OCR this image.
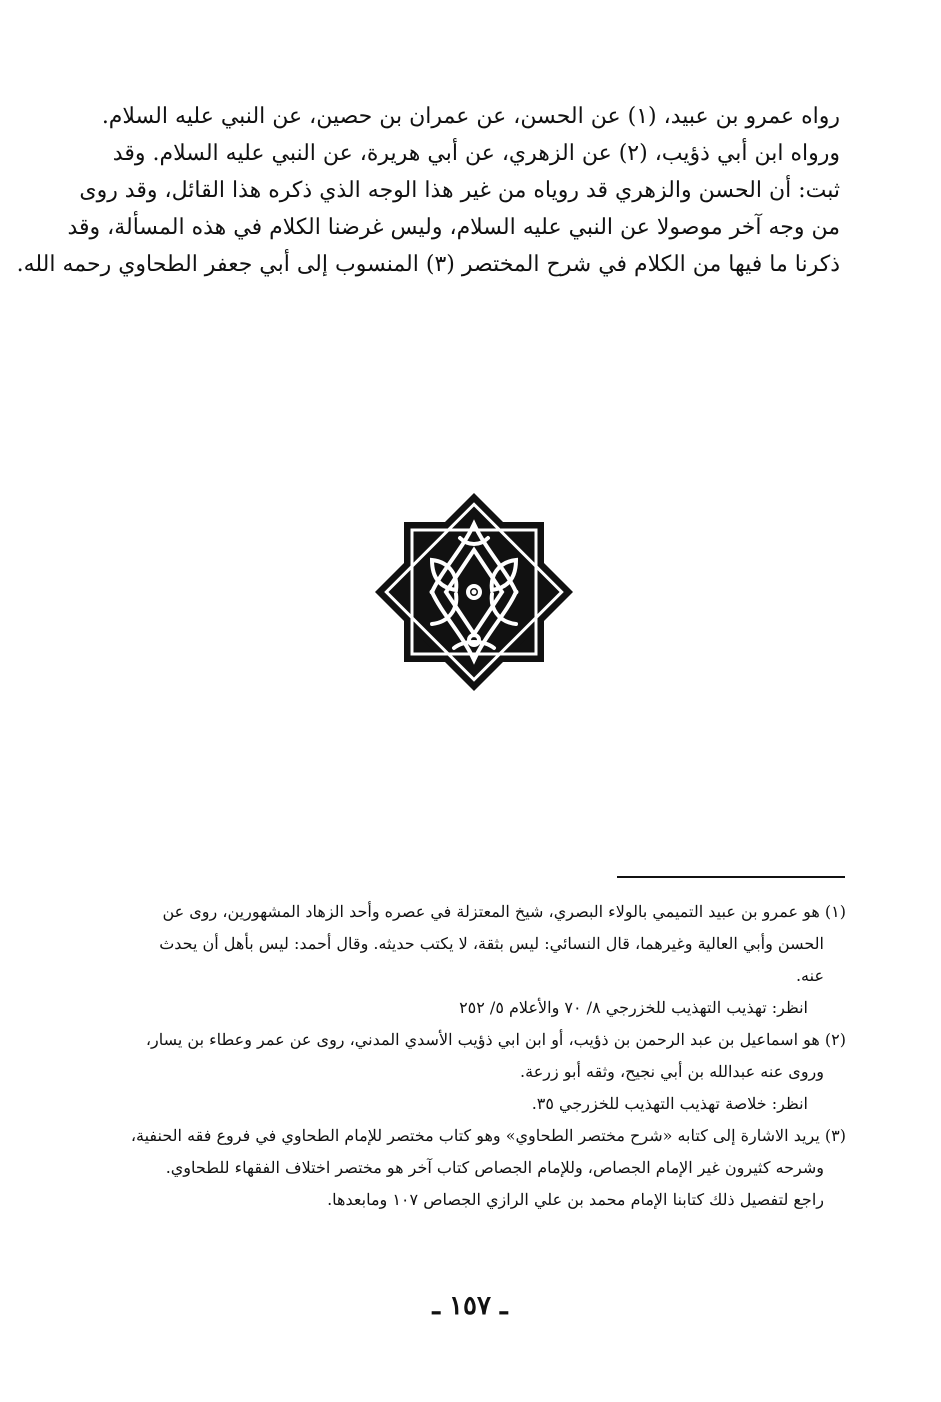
رواه عمرو بن عبيد، (١) عن الحسن، عن عمران بن حصين، عن النبي عليه السلام.
ورواه ابن أبي ذؤيب، (٢) عن الزهري، عن أبي هريرة، عن النبي عليه السلام. وقد
ثبت: أن الحسن والزهري قد روياه من غير هذا الوجه الذي ذكره هذا القائل، وقد روى
من وجه آخر موصولا عن النبي عليه السلام، وليس غرضنا الكلام في هذه المسألة، وقد
ذكرنا ما فيها من الكلام في شرح المختصر (٣) المنسوب إلى أبي جعفر الطحاوي رحمه الله.
(١) هو عمرو بن عبيد التميمي بالولاء البصري، شيخ المعتزلة في عصره وأحد الزهاد المشهورين، روى عن
الحسن وأبي العالية وغيرهما، قال النسائي: ليس بثقة، لا يكتب حديثه. وقال أحمد: ليس بأهل أن يحدث
عنه.
انظر: تهذيب التهذيب للخزرجي ٨/ ٧٠ والأعلام ٥/ ٢٥٢
(٢) هو اسماعيل بن عبد الرحمن بن ذؤيب، أو ابن ابي ذؤيب الأسدي المدني، روى عن عمر وعطاء بن يسار،
وروى عنه عبدالله بن أبي نجيح، وثقه أبو زرعة.
انظر: خلاصة تهذيب التهذيب للخزرجي ٣٥.
(٣) يريد الاشارة إلى كتابه «شرح مختصر الطحاوي» وهو كتاب مختصر للإمام الطحاوي في فروع فقه الحنفية،
وشرحه كثيرون غير الإمام الجصاص، وللإمام الجصاص كتاب آخر هو مختصر اختلاف الفقهاء للطحاوي.
راجع لتفصيل ذلك كتابنا الإمام محمد بن علي الرازي الجصاص ١٠٧ ومابعدها.
ـ ١٥٧ ـ
